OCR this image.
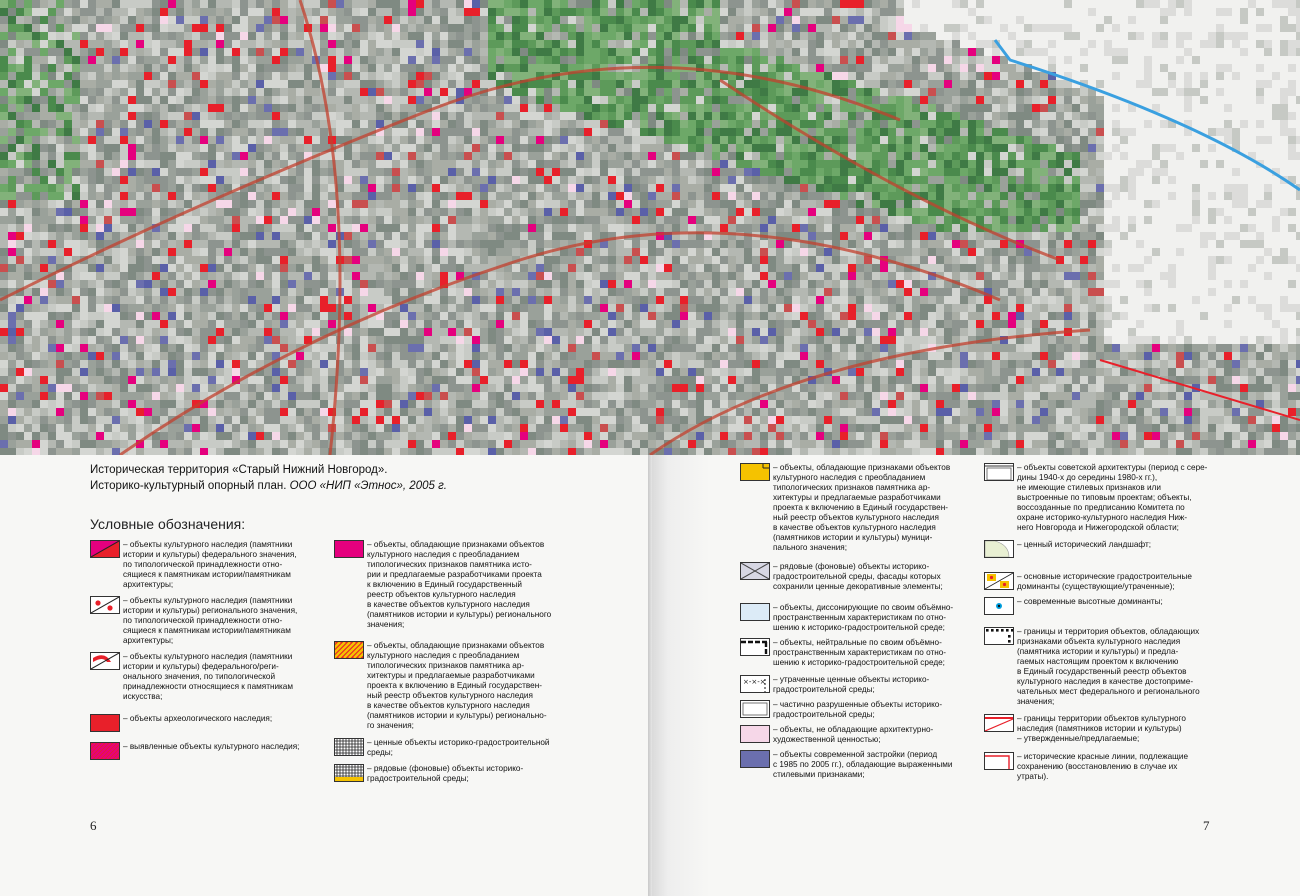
Историческая территория «Старый Нижний Новгород».
Историко-культурный опорный план. ООО «НИП «Этнос», 2005 г.
Условные обозначения:
– объекты культурного наследия (памятники
истории и культуры) федерального значения,
по типологической принадлежности отно-
сящиеся к памятникам истории/памятникам
архитектуры;
– объекты культурного наследия (памятники
истории и культуры) регионального значения,
по типологической принадлежности отно-
сящиеся к памятникам истории/памятникам
архитектуры;
– объекты культурного наследия (памятники
истории и культуры) федерального/реги-
онального значения, по типологической
принадлежности относящиеся к памятникам
искусства;
– объекты археологического наследия;
– выявленные объекты культурного наследия;
– объекты, обладающие признаками объектов
культурного наследия с преобладанием
типологических признаков памятника исто-
рии и предлагаемые разработчиками проекта
к включению в Единый государственный
реестр объектов культурного наследия
в качестве объектов культурного наследия
(памятников истории и культуры) регионального
значения;
– объекты, обладающие признаками объектов
культурного наследия с преобладанием
типологических признаков памятника ар-
хитектуры и предлагаемые разработчиками
проекта к включению в Единый государствен-
ный реестр объектов культурного наследия
в качестве объектов культурного наследия
(памятников истории и культуры) регионально-
го значения;
– ценные объекты историко-градостроительной
среды;
– рядовые (фоновые) объекты историко-
градостроительной среды;
– объекты, обладающие признаками объектов
культурного наследия с преобладанием
типологических признаков памятника ар-
хитектуры и предлагаемые разработчиками
проекта к включению в Единый государствен-
ный реестр объектов культурного наследия
в качестве объектов культурного наследия
(памятников истории и культуры) муници-
пального значения;
– рядовые (фоновые) объекты историко-
градостроительной среды, фасады которых
сохранили ценные декоративные элементы;
– объекты, диссонирующие по своим объёмно-
пространственным характеристикам по отно-
шению к историко-градостроительной среде;
– объекты, нейтральные по своим объёмно-
пространственным характеристикам по отно-
шению к историко-градостроительной среде;
×-×-× – утраченные ценные объекты историко-
градостроительной среды;
– частично разрушенные объекты историко-
градостроительной среды;
– объекты, не обладающие архитектурно-
художественной ценностью;
– объекты современной застройки (период
с 1985 по 2005 гг.), обладающие выраженными
стилевыми признаками;
– объекты советской архитектуры (период с сере-
дины 1940-х до середины 1980-х гг.),
не имеющие стилевых признаков или
выстроенные по типовым проектам; объекты,
воссозданные по предписанию Комитета по
охране историко-культурного наследия Ниж-
него Новгорода и Нижегородской области;
– ценный исторический ландшафт;
– основные исторические градостроительные
доминанты (существующие/утраченные);
– современные высотные доминанты;
– границы и территория объектов, обладающих
признаками объекта культурного наследия
(памятника истории и культуры) и предла-
гаемых настоящим проектом к включению
в Единый государственный реестр объектов
культурного наследия в качестве достоприме-
чательных мест федерального и регионального
значения;
– границы территории объектов культурного
наследия (памятников истории и культуры)
– утвержденные/предлагаемые;
– исторические красные линии, подлежащие
сохранению (восстановлению в случае их
утраты).
6	7
